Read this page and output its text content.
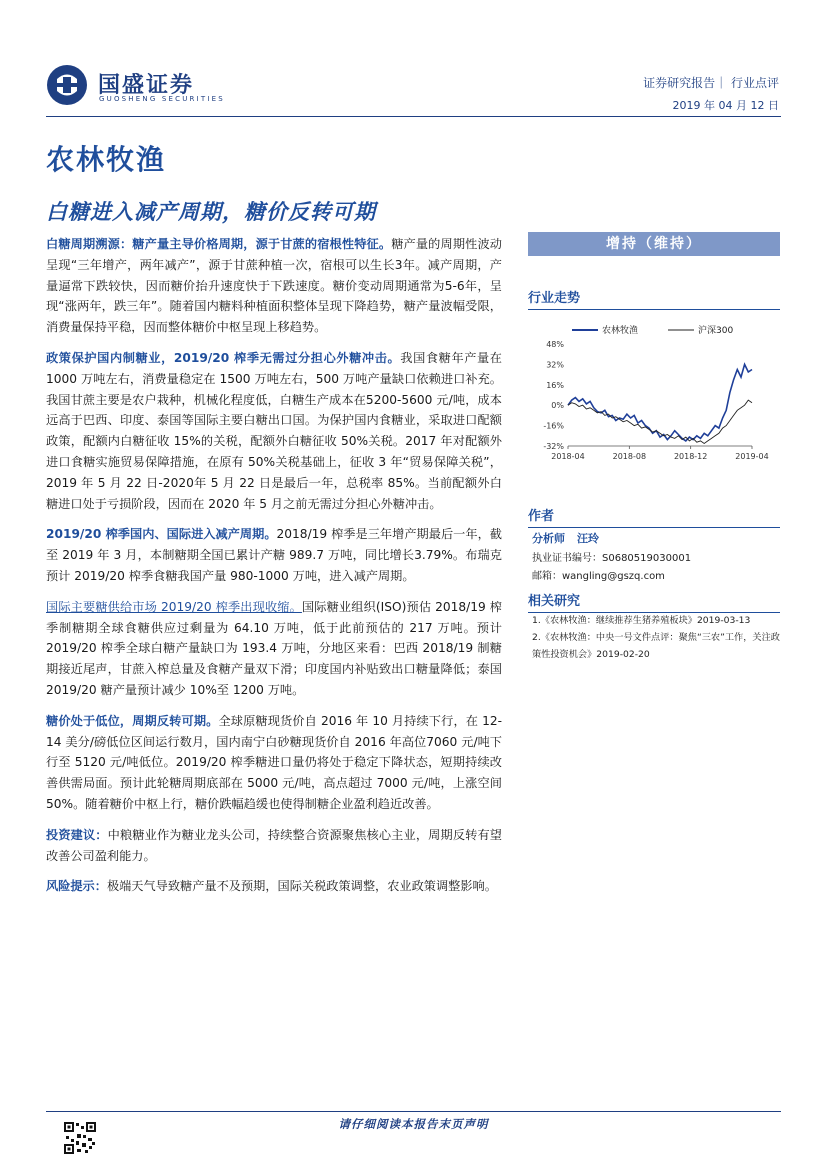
国盛证券
GUOSHENG SECURITIES
证券研究报告｜ 行业点评
2019 年 04 月 12 日
农林牧渔
白糖进入减产周期，糖价反转可期

白糖周期溯源：糖产量主导价格周期，源于甘蔗的宿根性特征。糖产量的周期性波动呈现“三年增产，两年减产”，源于甘蔗种植一次，宿根可以生长3年。减产周期，产量逼常下跌较快，因而糖价抬升速度快于下跌速度。糖价变动周期通常为5-6年，呈现“涨两年，跌三年”。随着国内糖料种植面积整体呈现下降趋势，糖产量波幅受限，消费量保持平稳，因而整体糖价中枢呈现上移趋势。

政策保护国内制糖业，2019/20 榨季无需过分担心外糖冲击。我国食糖年产量在 1000 万吨左右，消费量稳定在 1500 万吨左右，500 万吨产量缺口依赖进口补充。我国甘蔗主要是农户栽种，机械化程度低，白糖生产成本在5200-5600 元/吨，成本远高于巴西、印度、泰国等国际主要白糖出口国。为保护国内食糖业，采取进口配额政策，配额内白糖征收 15%的关税，配额外白糖征收 50%关税。2017 年对配额外进口食糖实施贸易保障措施，在原有 50%关税基础上，征收 3 年“贸易保障关税”，2019 年 5 月 22 日-2020年 5 月 22 日是最后一年，总税率 85%。当前配额外白糖进口处于亏损阶段，因而在 2020 年 5 月之前无需过分担心外糖冲击。

2019/20 榨季国内、国际进入减产周期。2018/19 榨季是三年增产期最后一年，截至 2019 年 3 月，本制糖期全国已累计产糖 989.7 万吨，同比增长3.79%。布瑞克预计 2019/20 榨季食糖我国产量 980-1000 万吨，进入减产周期。

国际主要糖供给市场 2019/20 榨季出现收缩。国际糖业组织(ISO)预估 2018/19 榨季制糖期全球食糖供应过剩量为 64.10 万吨，低于此前预估的 217 万吨。预计 2019/20 榨季全球白糖产量缺口为 193.4 万吨，分地区来看：巴西 2018/19 制糖期接近尾声，甘蔗入榨总量及食糖产量双下滑；印度国内补贴致出口糖量降低；泰国 2019/20 糖产量预计减少 10%至 1200 万吨。

糖价处于低位，周期反转可期。全球原糖现货价自 2016 年 10 月持续下行，在 12-14 美分/磅低位区间运行数月，国内南宁白砂糖现货价自 2016 年高位7060 元/吨下行至 5120 元/吨低位。2019/20 榨季糖进口量仍将处于稳定下降状态，短期持续改善供需局面。预计此轮糖周期底部在 5000 元/吨，高点超过 7000 元/吨，上涨空间 50%。随着糖价中枢上行，糖价跌幅趋缓也使得制糖企业盈利趋近改善。

投资建议：中粮糖业作为糖业龙头公司，持续整合资源聚焦核心主业，周期反转有望改善公司盈利能力。

风险提示：极端天气导致糖产量不及预期，国际关税政策调整，农业政策调整影响。

增持（维持）
行业走势
48%
32%
16%
0%
-16%
-32%
2018-04	2018-08	2018-12	2019-04
农林牧渔	沪深300
作者
分析师 汪玲
执业证书编号：S0680519030001
邮箱：wangling@gszq.com
相关研究
1.《农林牧渔：继续推荐生猪养殖板块》2019-03-13
2.《农林牧渔：中央一号文件点评：聚焦“三农”工作，关注政策性投资机会》2019-02-20
请仔细阅读本报告末页声明
